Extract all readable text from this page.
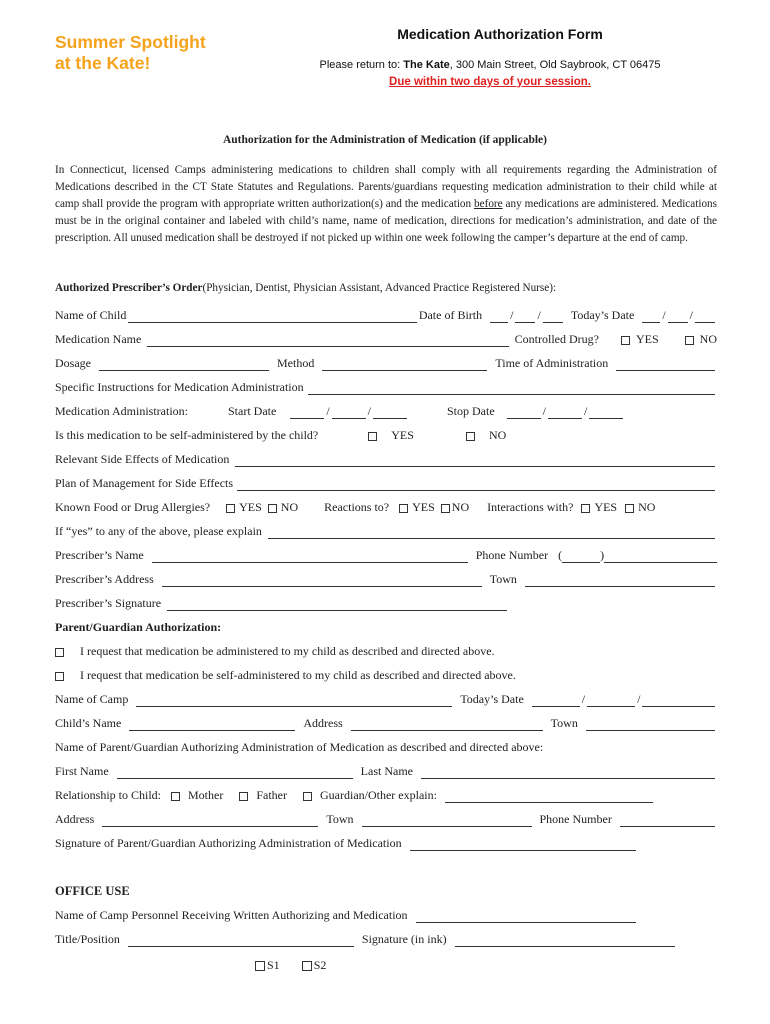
Summer Spotlight
at the Kate!
Medication Authorization Form
Please return to: The Kate, 300 Main Street, Old Saybrook, CT 06475
Due within two days of your session.
Authorization for the Administration of Medication (if applicable)
In Connecticut, licensed Camps administering medications to children shall comply with all requirements regarding the Administration of Medications described in the CT State Statutes and Regulations. Parents/guardians requesting medication administration to their child while at camp shall provide the program with appropriate written authorization(s) and the medication before any medications are administered. Medications must be in the original container and labeled with child’s name, name of medication, directions for medication’s administration, and date of the prescription. All unused medication shall be destroyed if not picked up within one week following the camper’s departure at the end of camp.
Authorized Prescriber’s Order (Physician, Dentist, Physician Assistant, Advanced Practice Registered Nurse):
Name of Child	Date of Birth / /	Today’s Date / /
Medication Name	Controlled Drug?	YES	NO
Dosage	Method	Time of Administration
Specific Instructions for Medication Administration
Medication Administration:	Start Date	/	/	Stop Date	/	/
Is this medication to be self-administered by the child?	YES	NO
Relevant Side Effects of Medication
Plan of Management for Side Effects
Known Food or Drug Allergies? YES NO Reactions to? YES NO Interactions with? YES NO
If “yes” to any of the above, please explain
Prescriber’s Name	Phone Number (	)
Prescriber’s Address	Town
Prescriber’s Signature
Parent/Guardian Authorization:
I request that medication be administered to my child as described and directed above.
I request that medication be self-administered to my child as described and directed above.
Name of Camp	Today’s Date	/	/
Child’s Name	Address	Town
Name of Parent/Guardian Authorizing Administration of Medication as described and directed above:
First Name	Last Name
Relationship to Child: Mother	Father	Guardian/Other explain:
Address	Town	Phone Number
Signature of Parent/Guardian Authorizing Administration of Medication
OFFICE USE
Name of Camp Personnel Receiving Written Authorizing and Medication
Title/Position	Signature (in ink)
S1	S2
